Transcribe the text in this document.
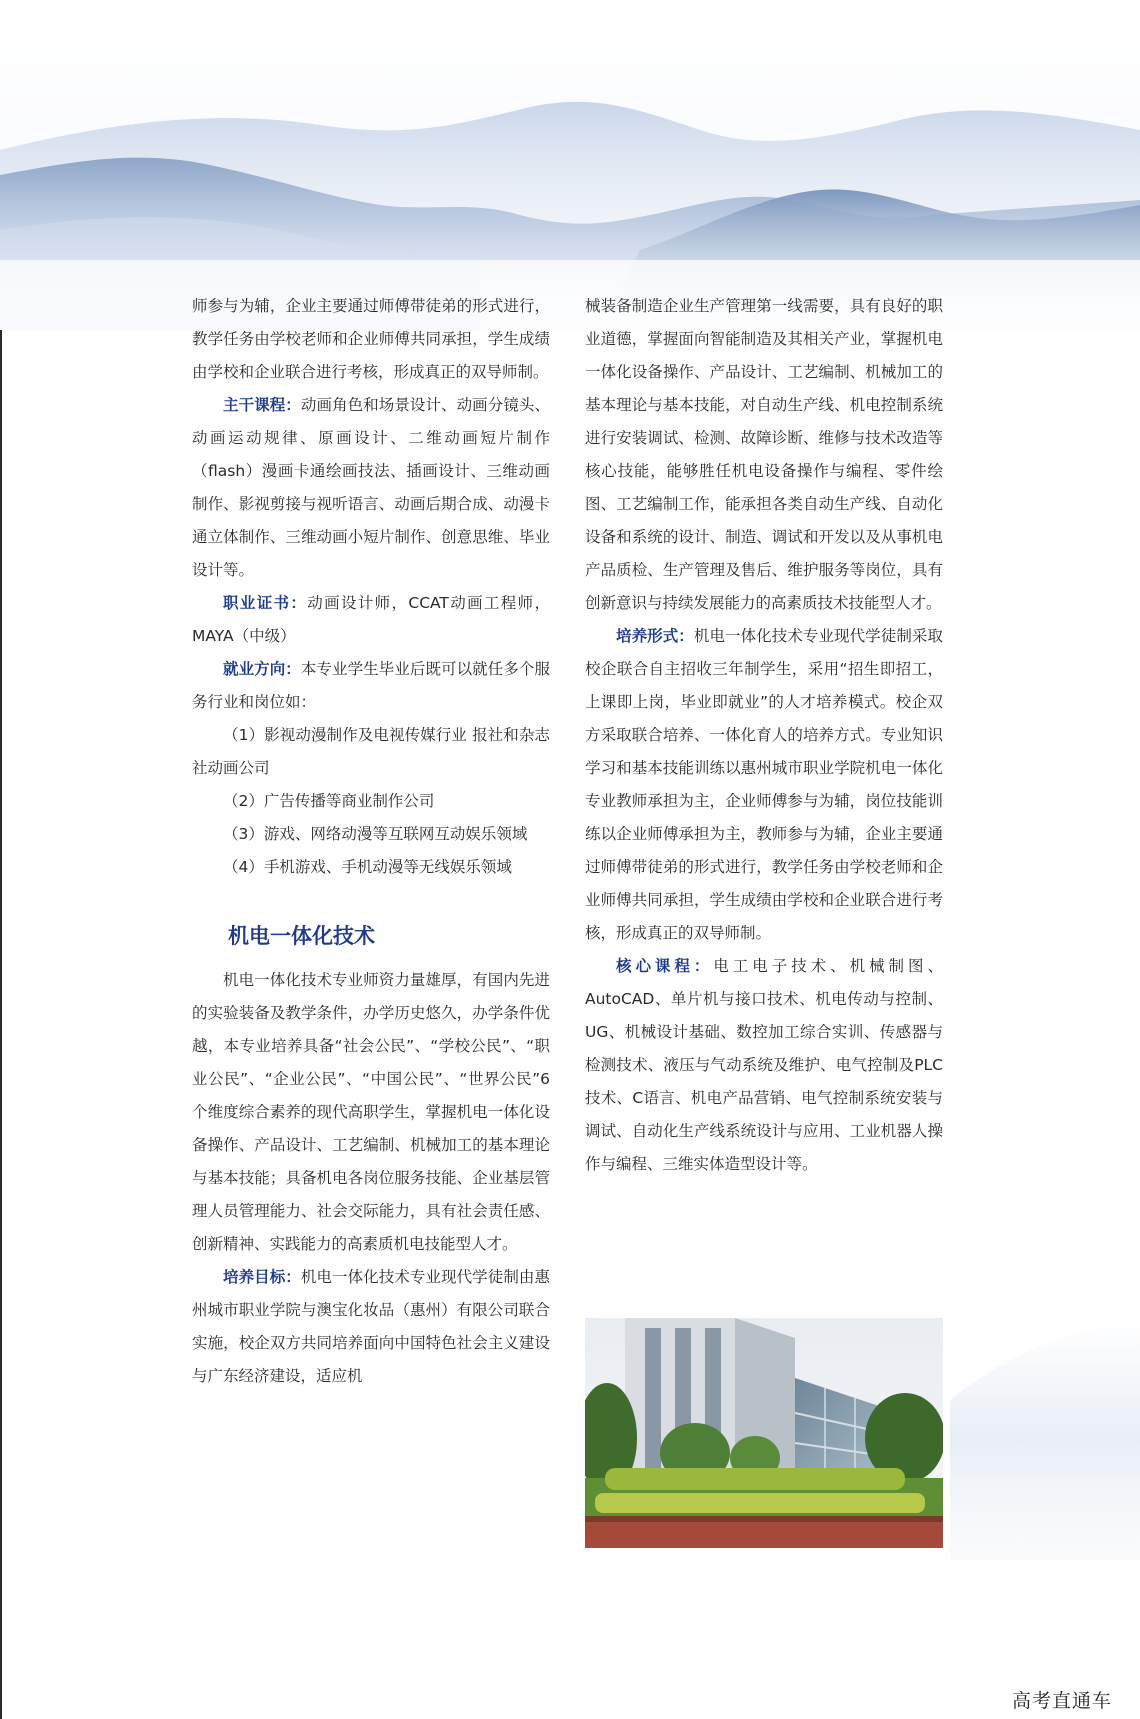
师参与为辅，企业主要通过师傅带徒弟的形式进行，教学任务由学校老师和企业师傅共同承担，学生成绩由学校和企业联合进行考核，形成真正的双导师制。

主干课程：动画角色和场景设计、动画分镜头、动画运动规律、原画设计、二维动画短片制作（flash）漫画卡通绘画技法、插画设计、三维动画制作、影视剪接与视听语言、动画后期合成、动漫卡通立体制作、三维动画小短片制作、创意思维、毕业设计等。

职业证书：动画设计师，CCAT动画工程师，MAYA（中级）

就业方向：本专业学生毕业后既可以就任多个服务行业和岗位如：

（1）影视动漫制作及电视传媒行业 报社和杂志社动画公司

（2）广告传播等商业制作公司

（3）游戏、网络动漫等互联网互动娱乐领域

（4）手机游戏、手机动漫等无线娱乐领域

机电一体化技术

机电一体化技术专业师资力量雄厚，有国内先进的实验装备及教学条件，办学历史悠久，办学条件优越，本专业培养具备“社会公民”、“学校公民”、“职业公民”、“企业公民”、“中国公民”、“世界公民”6个维度综合素养的现代高职学生，掌握机电一体化设备操作、产品设计、工艺编制、机械加工的基本理论与基本技能；具备机电各岗位服务技能、企业基层管理人员管理能力、社会交际能力，具有社会责任感、创新精神、实践能力的高素质机电技能型人才。

培养目标：机电一体化技术专业现代学徒制由惠州城市职业学院与澳宝化妆品（惠州）有限公司联合实施，校企双方共同培养面向中国特色社会主义建设与广东经济建设，适应机

械装备制造企业生产管理第一线需要，具有良好的职业道德，掌握面向智能制造及其相关产业，掌握机电一体化设备操作、产品设计、工艺编制、机械加工的基本理论与基本技能，对自动生产线、机电控制系统进行安装调试、检测、故障诊断、维修与技术改造等核心技能，能够胜任机电设备操作与编程、零件绘图、工艺编制工作，能承担各类自动生产线、自动化设备和系统的设计、制造、调试和开发以及从事机电产品质检、生产管理及售后、维护服务等岗位，具有创新意识与持续发展能力的高素质技术技能型人才。

培养形式：机电一体化技术专业现代学徒制采取校企联合自主招收三年制学生，采用“招生即招工，上课即上岗，毕业即就业”的人才培养模式。校企双方采取联合培养、一体化育人的培养方式。专业知识学习和基本技能训练以惠州城市职业学院机电一体化专业教师承担为主，企业师傅参与为辅，岗位技能训练以企业师傅承担为主，教师参与为辅，企业主要通过师傅带徒弟的形式进行，教学任务由学校老师和企业师傅共同承担，学生成绩由学校和企业联合进行考核，形成真正的双导师制。

核心课程：电工电子技术、机械制图、AutoCAD、单片机与接口技术、机电传动与控制、UG、机械设计基础、数控加工综合实训、传感器与检测技术、液压与气动系统及维护、电气控制及PLC技术、C语言、机电产品营销、电气控制系统安装与调试、自动化生产线系统设计与应用、工业机器人操作与编程、三维实体造型设计等。

高考直通车
